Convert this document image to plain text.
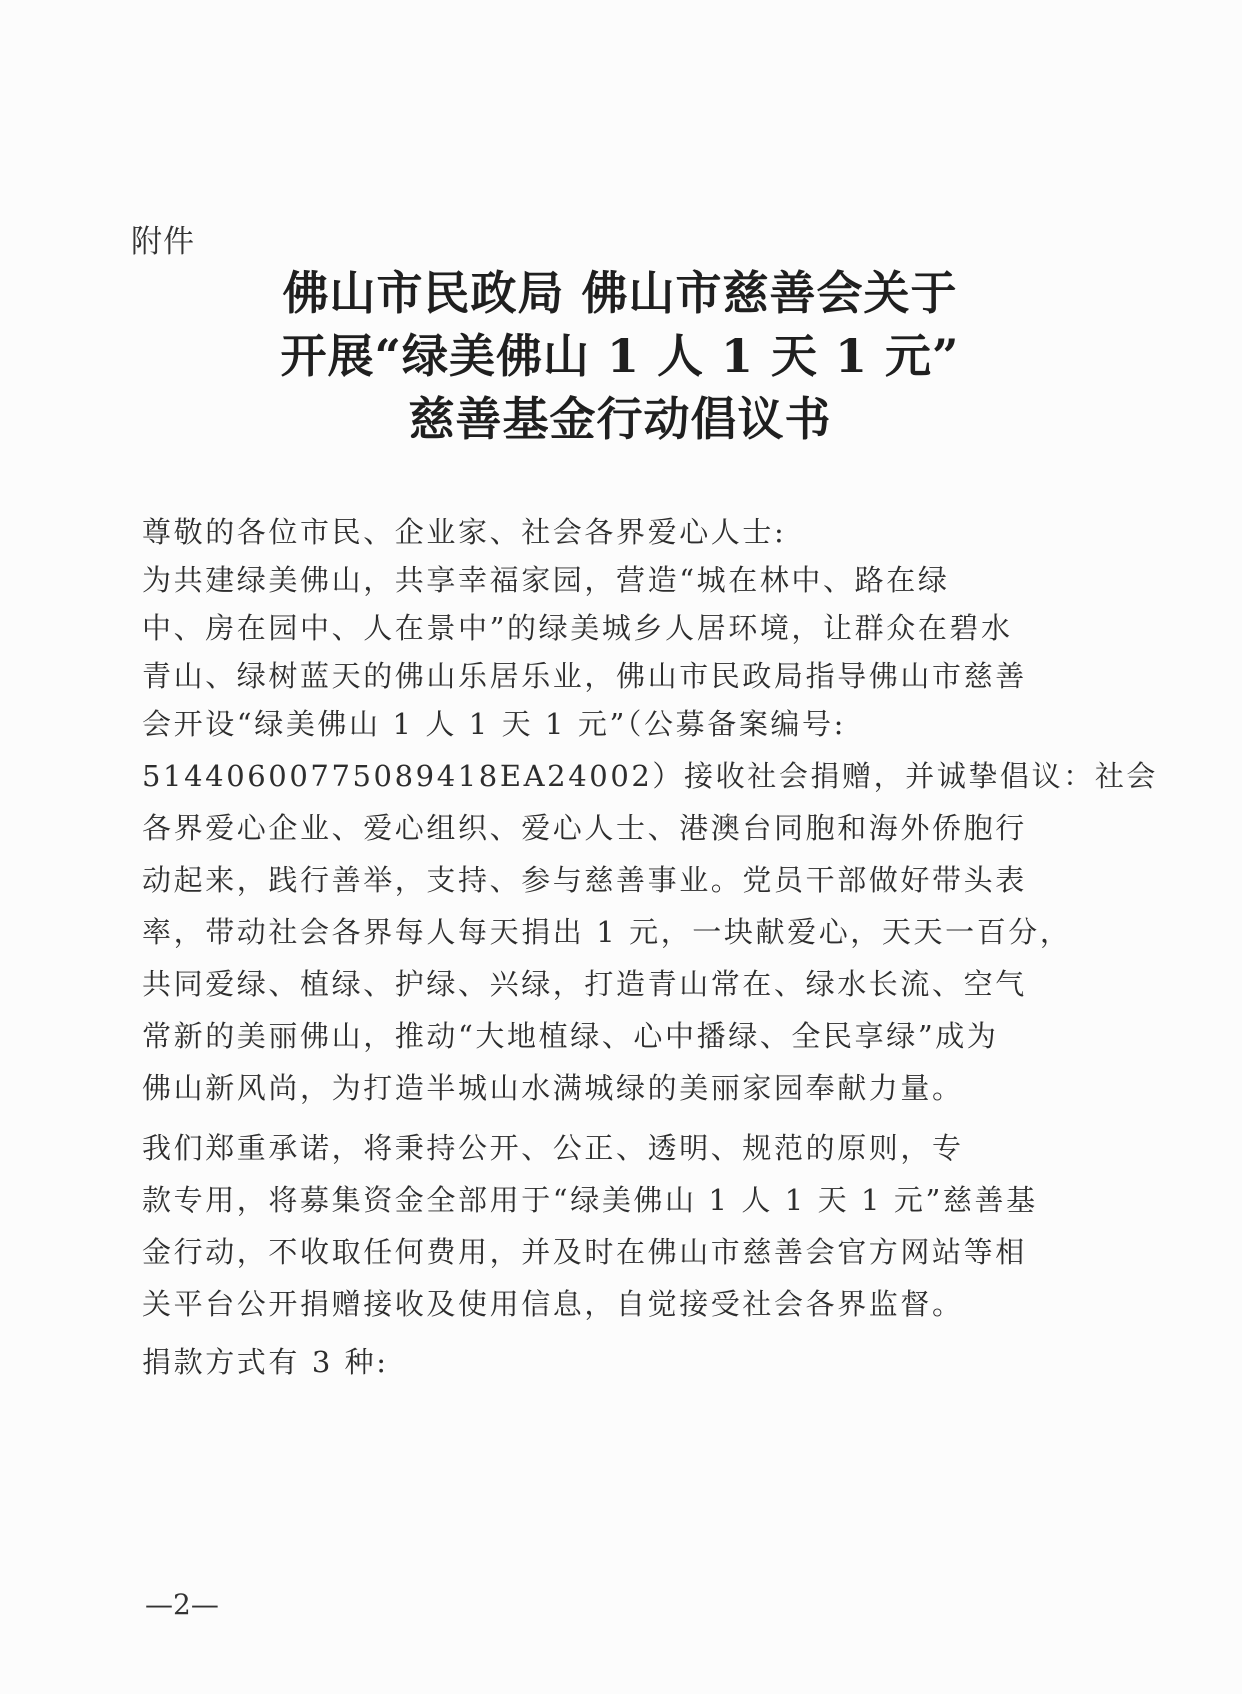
附件
佛山市民政局 佛山市慈善会关于
开展“绿美佛山 1 人 1 天 1 元”
慈善基金行动倡议书
尊敬的各位市民、企业家、社会各界爱心人士:
为共建绿美佛山，共享幸福家园，营造“城在林中、路在绿
中、房在园中、人在景中”的绿美城乡人居环境，让群众在碧水
青山、绿树蓝天的佛山乐居乐业，佛山市民政局指导佛山市慈善
会开设“绿美佛山 1 人 1 天 1 元”（公募备案编号:
51440600775089418EA24002）接收社会捐赠，并诚挚倡议：社会
各界爱心企业、爱心组织、爱心人士、港澳台同胞和海外侨胞行
动起来，践行善举，支持、参与慈善事业。党员干部做好带头表
率，带动社会各界每人每天捐出 1 元，一块献爱心，天天一百分，
共同爱绿、植绿、护绿、兴绿，打造青山常在、绿水长流、空气
常新的美丽佛山，推动“大地植绿、心中播绿、全民享绿”成为
佛山新风尚，为打造半城山水满城绿的美丽家园奉献力量。
我们郑重承诺，将秉持公开、公正、透明、规范的原则，专
款专用，将募集资金全部用于“绿美佛山 1 人 1 天 1 元”慈善基
金行动，不收取任何费用，并及时在佛山市慈善会官方网站等相
关平台公开捐赠接收及使用信息，自觉接受社会各界监督。
捐款方式有 3 种:
—2—
